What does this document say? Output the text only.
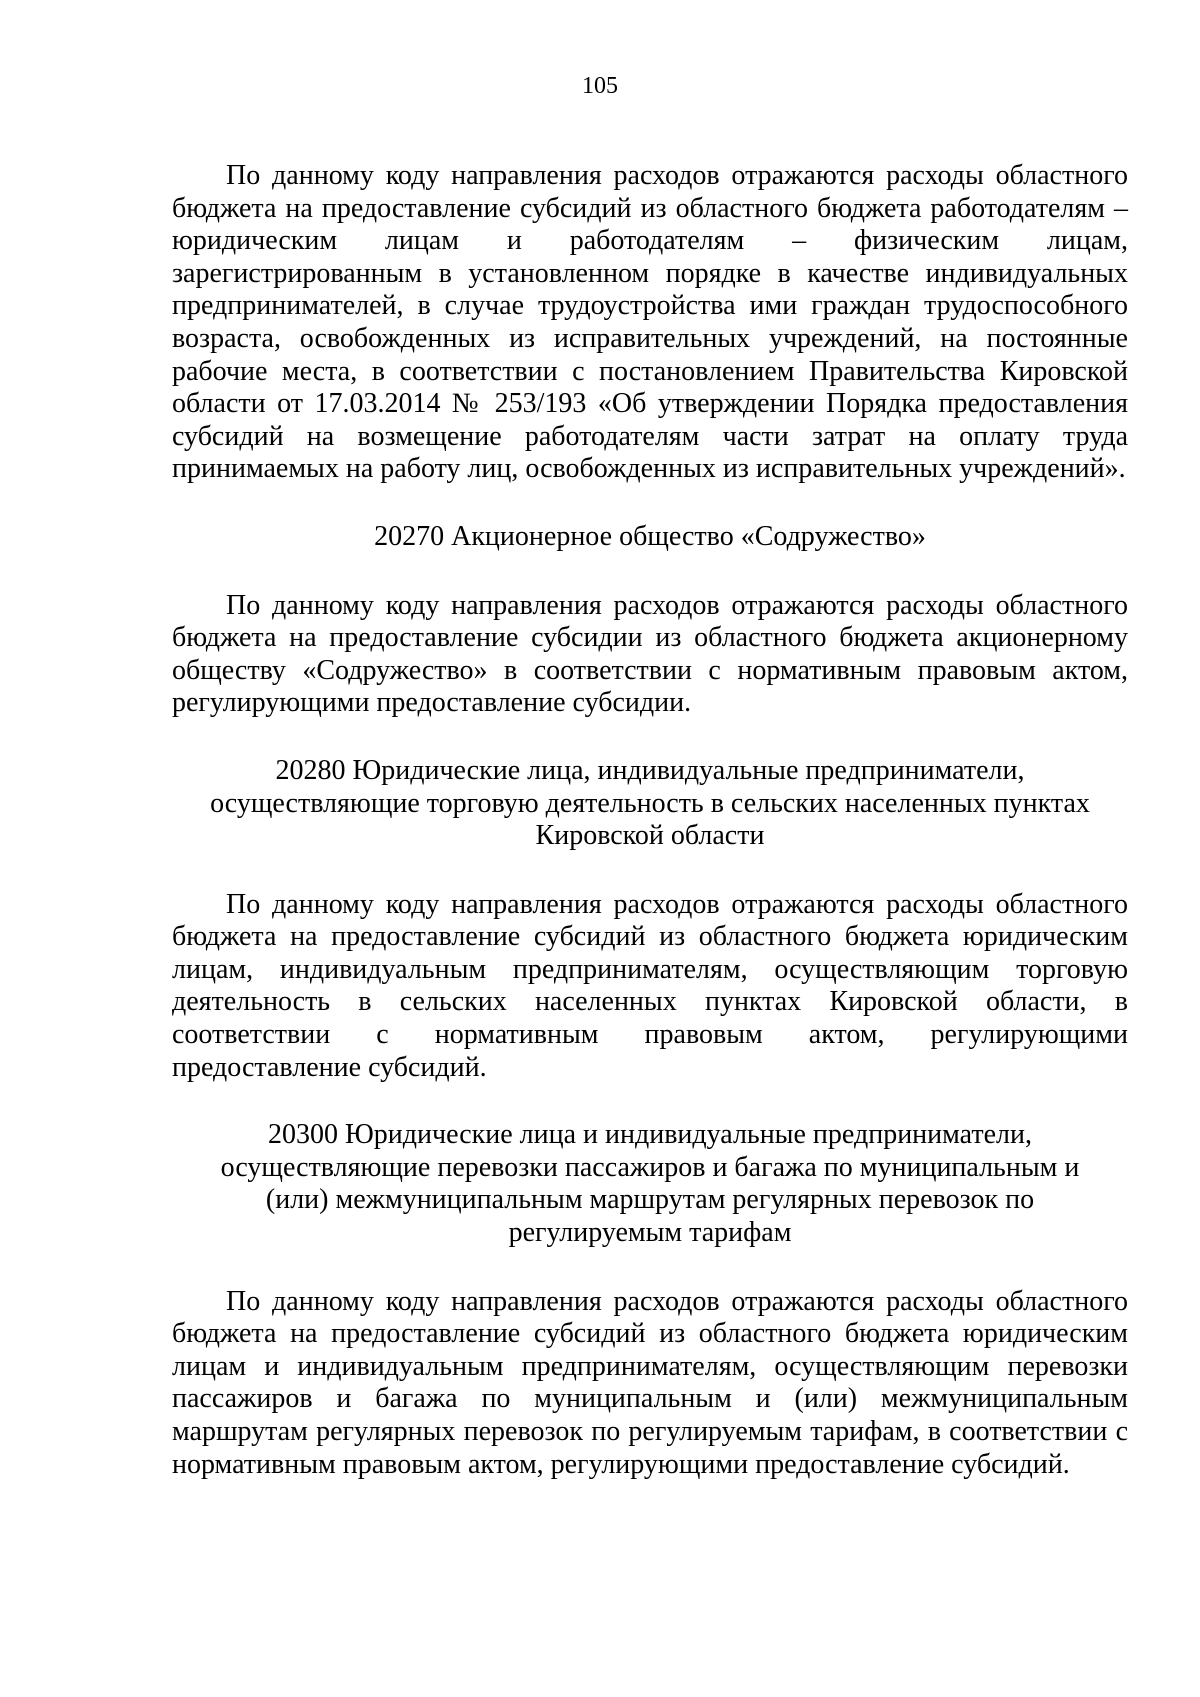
105

По данному коду направления расходов отражаются расходы областного бюджета на предоставление субсидий из областного бюджета работодателям – юридическим лицам и работодателям – физическим лицам, зарегистрированным в установленном порядке в качестве индивидуальных предпринимателей, в случае трудоустройства ими граждан трудоспособного возраста, освобожденных из исправительных учреждений, на постоянные рабочие места, в соответствии с постановлением Правительства Кировской области от 17.03.2014 № 253/193 «Об утверждении Порядка предоставления субсидий на возмещение работодателям части затрат на оплату труда принимаемых на работу лиц, освобожденных из исправительных учреждений».

20270 Акционерное общество «Содружество»

По данному коду направления расходов отражаются расходы областного бюджета на предоставление субсидии из областного бюджета акционерному обществу «Содружество» в соответствии с нормативным правовым актом, регулирующими предоставление субсидии.

20280 Юридические лица, индивидуальные предприниматели, осуществляющие торговую деятельность в сельских населенных пунктах Кировской области

По данному коду направления расходов отражаются расходы областного бюджета на предоставление субсидий из областного бюджета юридическим лицам, индивидуальным предпринимателям, осуществляющим торговую деятельность в сельских населенных пунктах Кировской области, в соответствии с нормативным правовым актом, регулирующими предоставление субсидий.

20300 Юридические лица и индивидуальные предприниматели, осуществляющие перевозки пассажиров и багажа по муниципальным и (или) межмуниципальным маршрутам регулярных перевозок по регулируемым тарифам

По данному коду направления расходов отражаются расходы областного бюджета на предоставление субсидий из областного бюджета юридическим лицам и индивидуальным предпринимателям, осуществляющим перевозки пассажиров и багажа по муниципальным и (или) межмуниципальным маршрутам регулярных перевозок по регулируемым тарифам, в соответствии с нормативным правовым актом, регулирующими предоставление субсидий.
